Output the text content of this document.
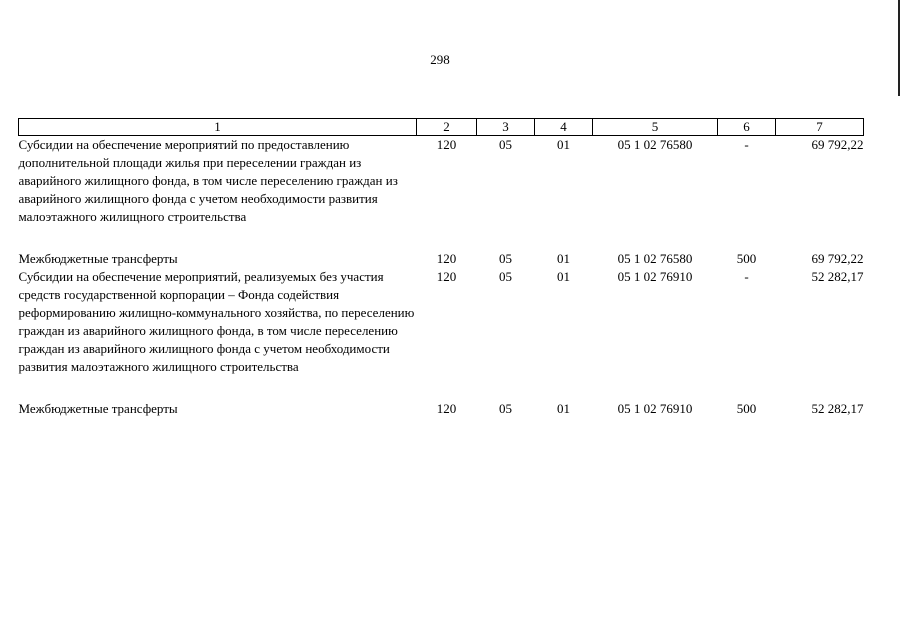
298
1	2	3	4	5	6	7
Субсидии на обеспечение мероприятий по предоставлению дополнительной площади жилья при переселении граждан из аварийного жилищного фонда, в том числе переселению граждан из аварийного жилищного фонда с учетом необходимости развития малоэтажного жилищного строительства	120	05	01	05 1 02 76580	-	69 792,22
Межбюджетные трансферты	120	05	01	05 1 02 76580	500	69 792,22
Субсидии на обеспечение мероприятий, реализуемых без участия средств государственной корпорации – Фонда содействия реформированию жилищно-коммунального хозяйства, по переселению граждан из аварийного жилищного фонда, в том числе переселению граждан из аварийного жилищного фонда с учетом необходимости развития малоэтажного жилищного строительства	120	05	01	05 1 02 76910	-	52 282,17
Межбюджетные трансферты	120	05	01	05 1 02 76910	500	52 282,17
